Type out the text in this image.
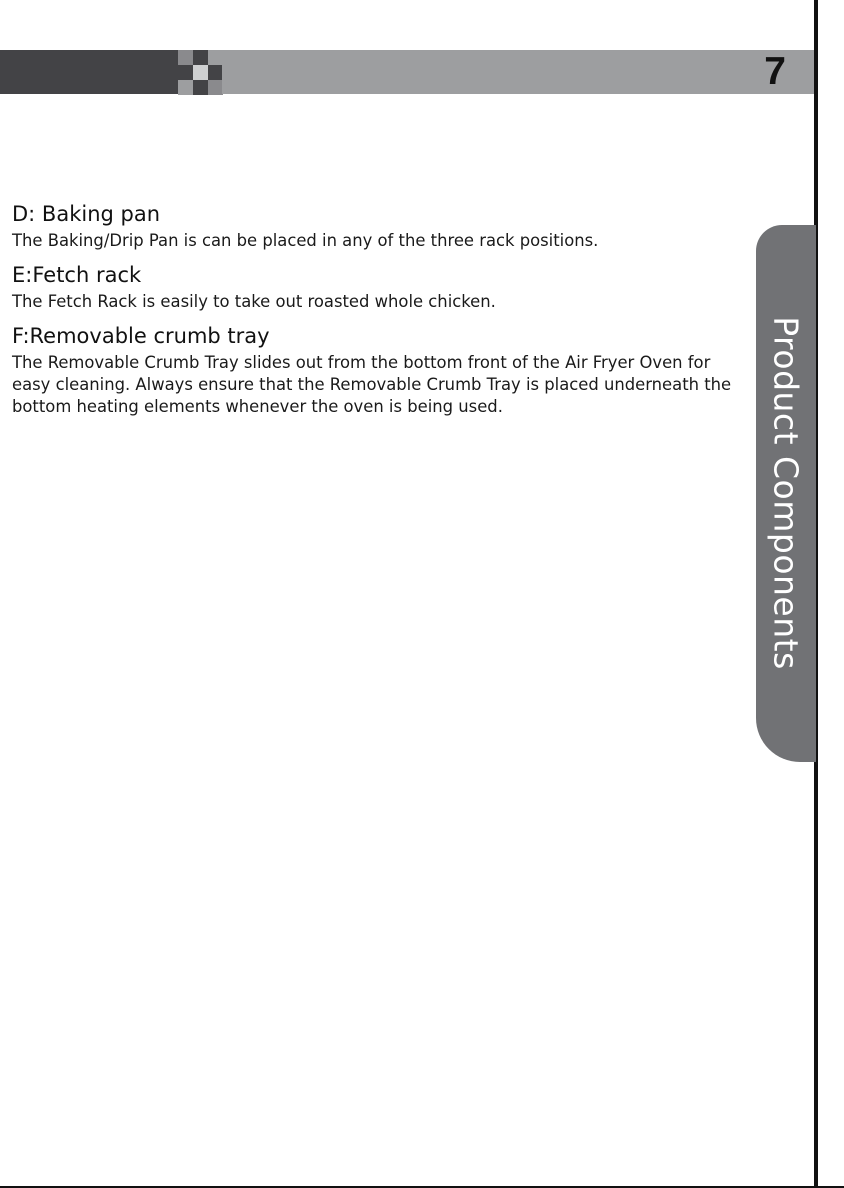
7
Product Components
D: Baking pan

The Baking/Drip Pan is can be placed in any of the three rack positions.

E:Fetch rack

The Fetch Rack is easily to take out roasted whole chicken.

F:Removable crumb tray

The Removable Crumb Tray slides out from the bottom front of the Air Fryer Oven for easy cleaning. Always ensure that the Removable Crumb Tray is placed underneath the bottom heating elements whenever the oven is being used.
